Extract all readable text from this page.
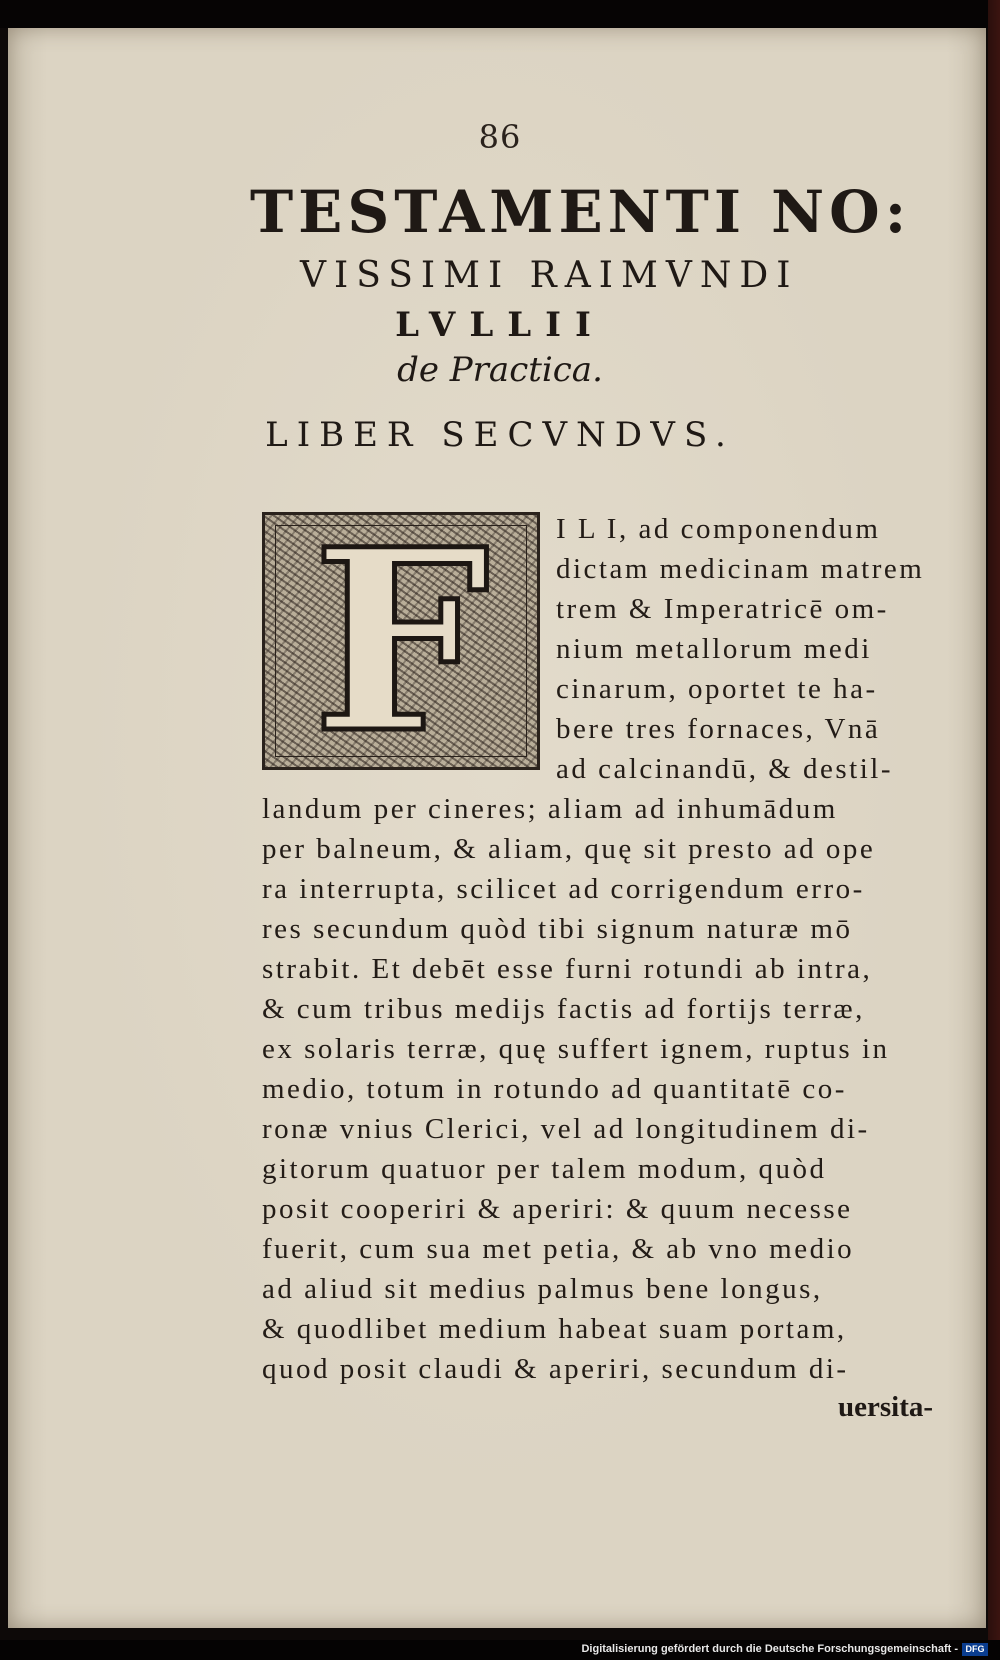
86
TESTAMENTI NO:
VISSIMI RAIMVNDI
LVLLII
de Practica.
LIBER SECVNDVS.
F	I L I, ad componendum
dictam medicinam matrem
trem & Imperatricē om-
nium metallorum medi
cinarum, oportet te ha-
bere tres fornaces, Vnā
ad calcinandū, & destil-
landum per cineres; aliam ad inhumādum
per balneum, & aliam, quę sit presto ad ope
ra interrupta, scilicet ad corrigendum erro-
res secundum quòd tibi signum naturæ mō
strabit. Et debēt esse furni rotundi ab intra,
& cum tribus medijs factis ad fortijs terræ,
ex solaris terræ, quę suffert ignem, ruptus in
medio, totum in rotundo ad quantitatē co-
ronæ vnius Clerici, vel ad longitudinem di-
gitorum quatuor per talem modum, quòd
posit cooperiri & aperiri: & quum necesse
fuerit, cum sua met petia, & ab vno medio
ad aliud sit medius palmus bene longus,
& quodlibet medium habeat suam portam,
quod posit claudi & aperiri, secundum di-
uersita-
Digitalisierung gefördert durch die Deutsche Forschungsgemeinschaft - DFG
